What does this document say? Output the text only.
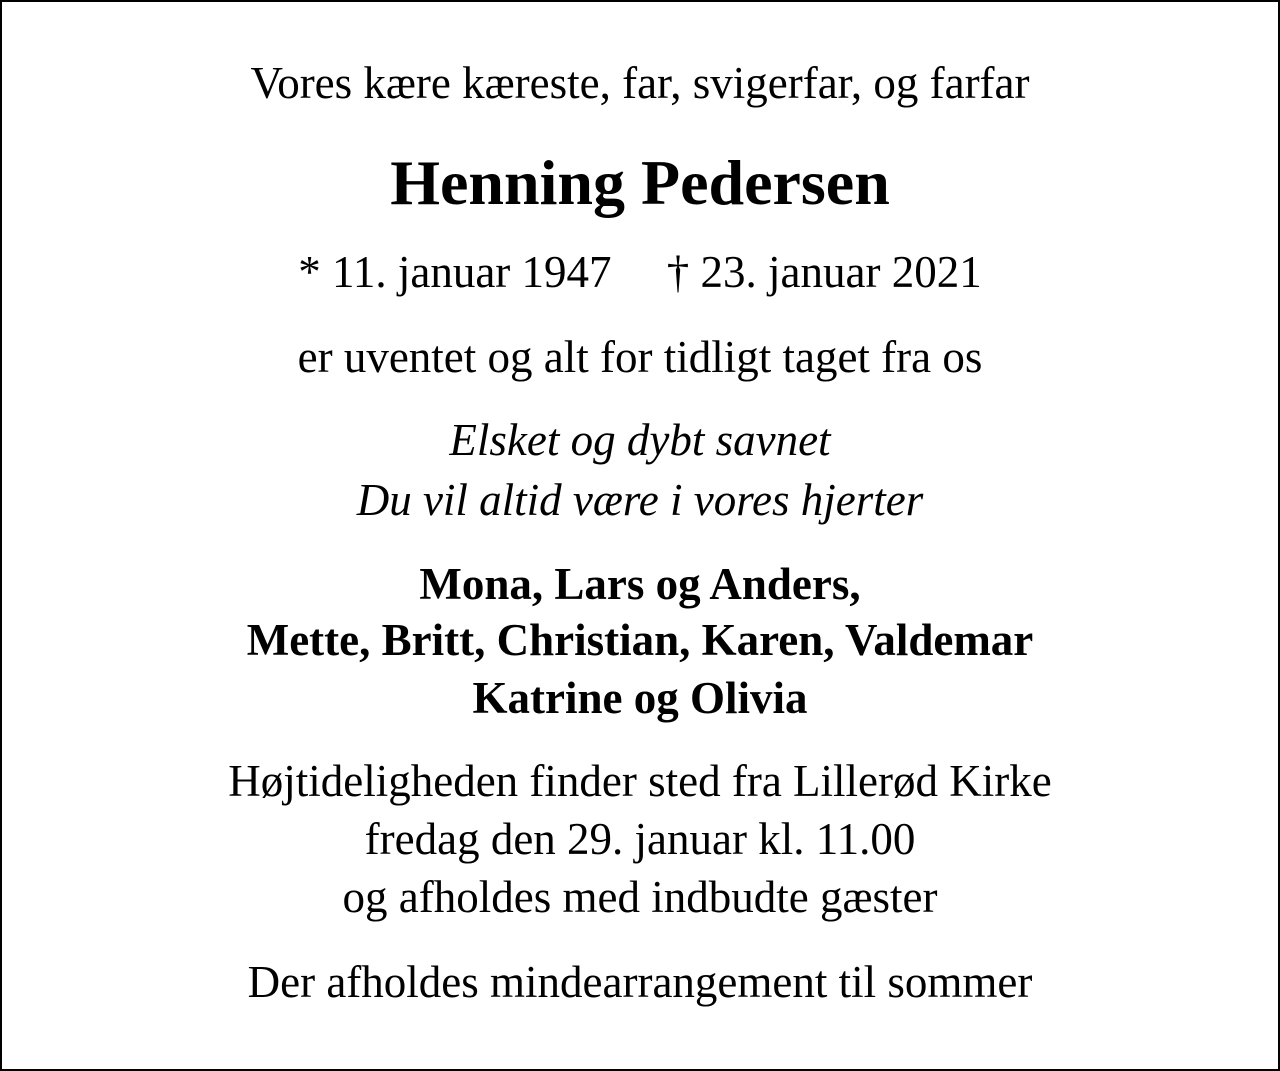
Vores kære kæreste, far, svigerfar, og farfar
Henning Pedersen
* 11. januar 1947 † 23. januar 2021
er uventet og alt for tidligt taget fra os
Elsket og dybt savnet
Du vil altid være i vores hjerter
Mona, Lars og Anders,
Mette, Britt, Christian, Karen, Valdemar
Katrine og Olivia
Højtideligheden finder sted fra Lillerød Kirke
fredag den 29. januar kl. 11.00
og afholdes med indbudte gæster
Der afholdes mindearrangement til sommer
